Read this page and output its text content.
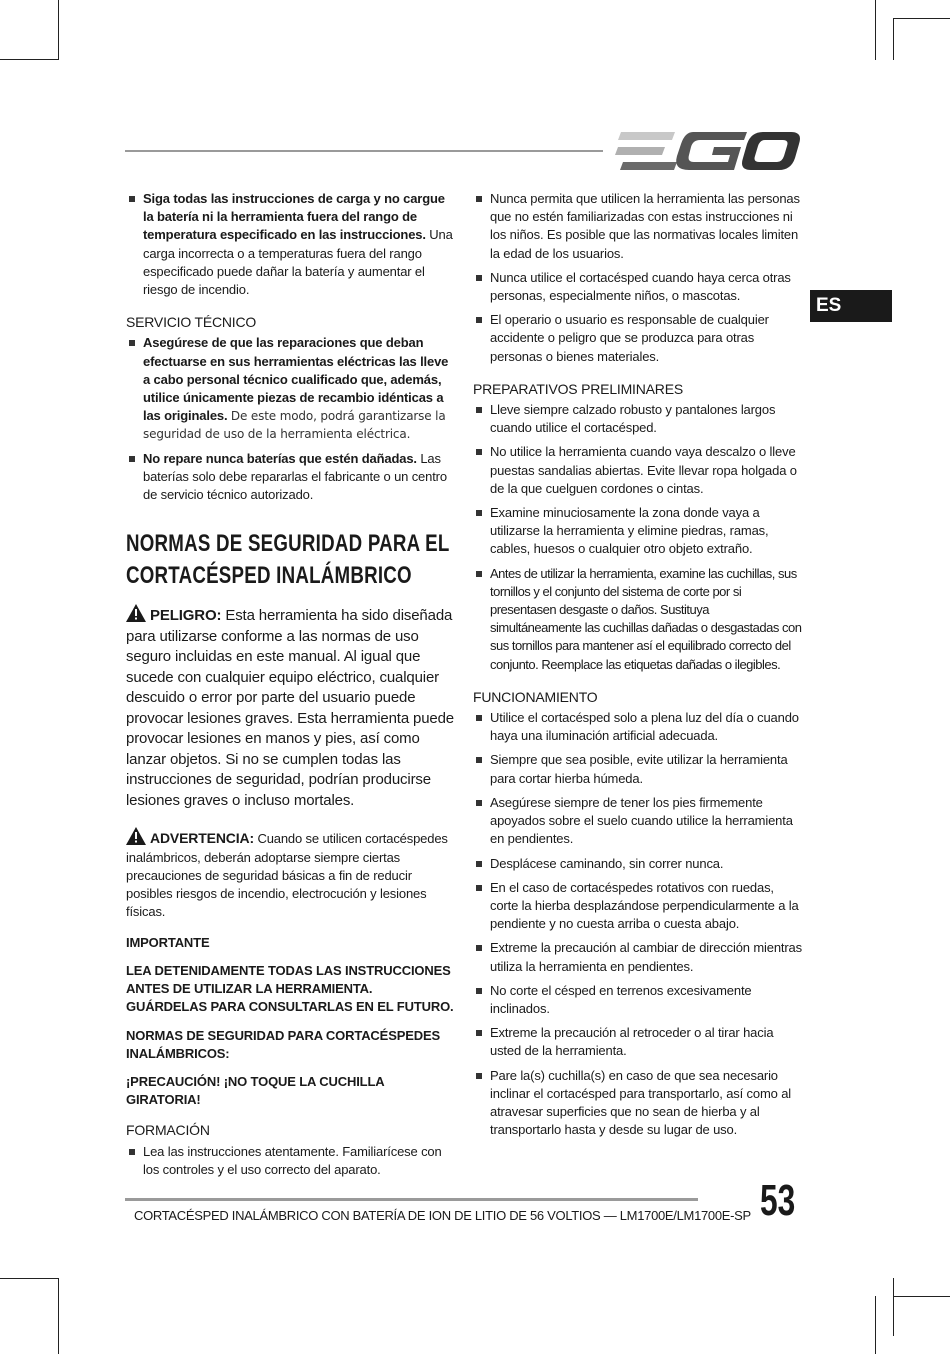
ES
Siga todas las instrucciones de carga y no cargue la batería ni la herramienta fuera del rango de temperatura especificado en las instrucciones. Una carga incorrecta o a temperaturas fuera del rango especificado puede dañar la batería y aumentar el riesgo de incendio.
SERVICIO TÉCNICO
Asegúrese de que las reparaciones que deban efectuarse en sus herramientas eléctricas las lleve a cabo personal técnico cualificado que, además, utilice únicamente piezas de recambio idénticas a las originales. De este modo, podrá garantizarse la seguridad de uso de la herramienta eléctrica.
No repare nunca baterías que estén dañadas. Las baterías solo debe repararlas el fabricante o un centro de servicio técnico autorizado.
NORMAS DE SEGURIDAD PARA EL
CORTACÉSPED INALÁMBRICO
PELIGRO: Esta herramienta ha sido diseñada para utilizarse conforme a las normas de uso seguro incluidas en este manual. Al igual que sucede con cualquier equipo eléctrico, cualquier descuido o error por parte del usuario puede provocar lesiones graves. Esta herramienta puede provocar lesiones en manos y pies, así como lanzar objetos. Si no se cumplen todas las instrucciones de seguridad, podrían producirse lesiones graves o incluso mortales.
ADVERTENCIA: Cuando se utilicen cortacéspedes inalámbricos, deberán adoptarse siempre ciertas precauciones de seguridad básicas a fin de reducir posibles riesgos de incendio, electrocución y lesiones físicas.
IMPORTANTE
LEA DETENIDAMENTE TODAS LAS INSTRUCCIONES ANTES DE UTILIZAR LA HERRAMIENTA. GUÁRDELAS PARA CONSULTARLAS EN EL FUTURO.
NORMAS DE SEGURIDAD PARA CORTACÉSPEDES INALÁMBRICOS:
¡PRECAUCIÓN! ¡NO TOQUE LA CUCHILLA GIRATORIA!
FORMACIÓN
Lea las instrucciones atentamente. Familiarícese con los controles y el uso correcto del aparato.
Nunca permita que utilicen la herramienta las personas que no estén familiarizadas con estas instrucciones ni los niños. Es posible que las normativas locales limiten la edad de los usuarios.
Nunca utilice el cortacésped cuando haya cerca otras personas, especialmente niños, o mascotas.
El operario o usuario es responsable de cualquier accidente o peligro que se produzca para otras personas o bienes materiales.
PREPARATIVOS PRELIMINARES
Lleve siempre calzado robusto y pantalones largos cuando utilice el cortacésped.
No utilice la herramienta cuando vaya descalzo o lleve puestas sandalias abiertas. Evite llevar ropa holgada o de la que cuelguen cordones o cintas.
Examine minuciosamente la zona donde vaya a utilizarse la herramienta y elimine piedras, ramas, cables, huesos o cualquier otro objeto extraño.
Antes de utilizar la herramienta, examine las cuchillas, sus tornillos y el conjunto del sistema de corte por si presentasen desgaste o daños. Sustituya simultáneamente las cuchillas dañadas o desgastadas con sus tornillos para mantener así el equilibrado correcto del conjunto. Reemplace las etiquetas dañadas o ilegibles.
FUNCIONAMIENTO
Utilice el cortacésped solo a plena luz del día o cuando haya una iluminación artificial adecuada.
Siempre que sea posible, evite utilizar la herramienta para cortar hierba húmeda.
Asegúrese siempre de tener los pies firmemente apoyados sobre el suelo cuando utilice la herramienta en pendientes.
Desplácese caminando, sin correr nunca.
En el caso de cortacéspedes rotativos con ruedas, corte la hierba desplazándose perpendicularmente a la pendiente y no cuesta arriba o cuesta abajo.
Extreme la precaución al cambiar de dirección mientras utiliza la herramienta en pendientes.
No corte el césped en terrenos excesivamente inclinados.
Extreme la precaución al retroceder o al tirar hacia usted de la herramienta.
Pare la(s) cuchilla(s) en caso de que sea necesario inclinar el cortacésped para transportarlo, así como al atravesar superficies que no sean de hierba y al transportarlo hasta y desde su lugar de uso.
CORTACÉSPED INALÁMBRICO CON BATERÍA DE ION DE LITIO DE 56 VOLTIOS — LM1700E/LM1700E-SP 53
